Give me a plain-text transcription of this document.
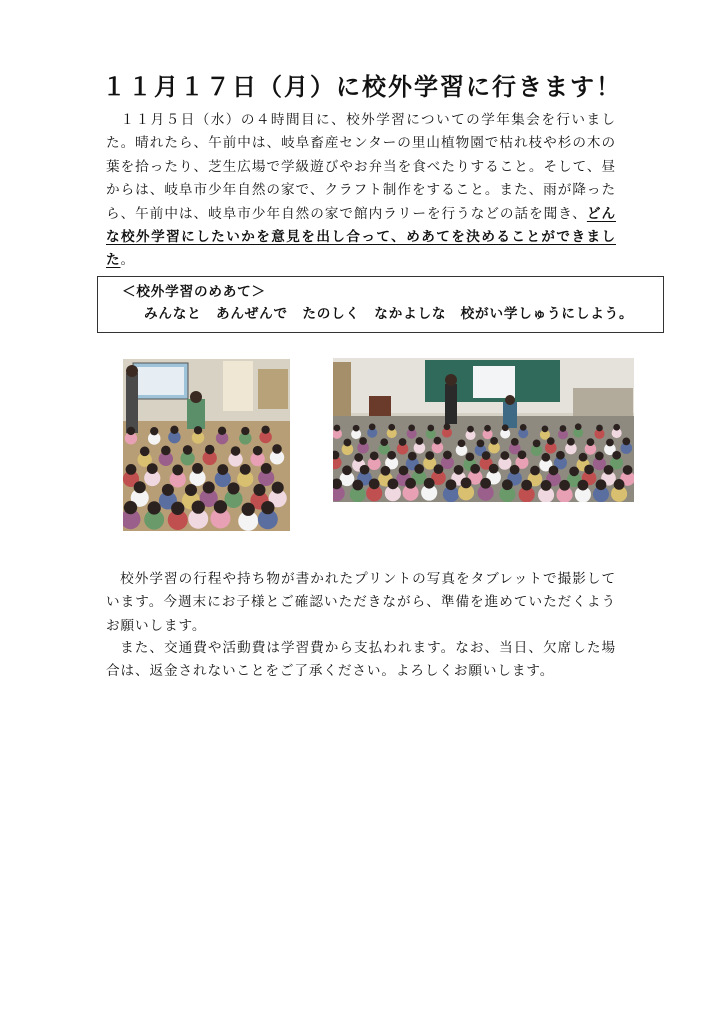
１１月１７日（月）に校外学習に行きます！
１１月５日（水）の４時間目に、校外学習についての学年集会を行いました。晴れたら、午前中は、岐阜畜産センターの里山植物園で枯れ枝や杉の木の葉を拾ったり、芝生広場で学級遊びやお弁当を食べたりすること。そして、昼からは、岐阜市少年自然の家で、クラフト制作をすること。また、雨が降ったら、午前中は、岐阜市少年自然の家で館内ラリーを行うなどの話を聞き、どんな校外学習にしたいかを意見を出し合って、めあてを決めることができました。
＜校外学習のめあて＞
みんなと　あんぜんで　たのしく　なかよしな　校がい学しゅうにしよう。
校外学習の行程や持ち物が書かれたプリントの写真をタブレットで撮影しています。今週末にお子様とご確認いただきながら、準備を進めていただくようお願いします。
また、交通費や活動費は学習費から支払われます。なお、当日、欠席した場合は、返金されないことをご了承ください。よろしくお願いします。
